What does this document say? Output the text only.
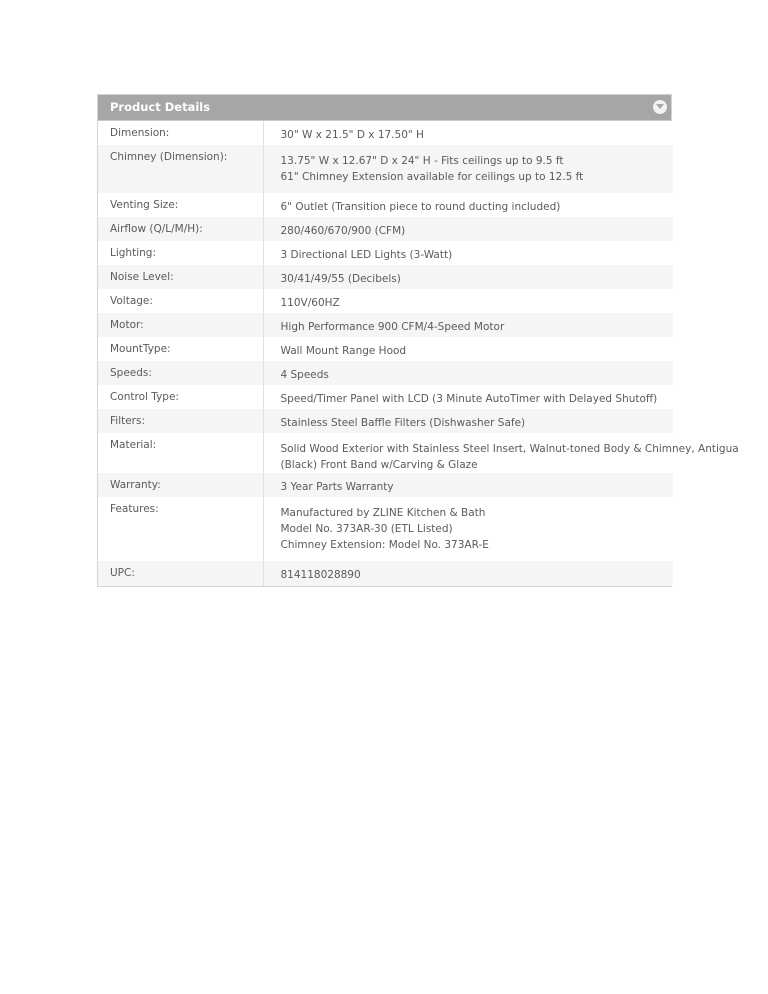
Product Details
Dimension:	30" W x 21.5" D x 17.50" H

Chimney (Dimension):	13.75" W x 12.67" D x 24" H - Fits ceilings up to 9.5 ft
61" Chimney Extension available for ceilings up to 12.5 ft

Venting Size:	6" Outlet (Transition piece to round ducting included)

Airflow (Q/L/M/H):	280/460/670/900 (CFM)

Lighting:	3 Directional LED Lights (3-Watt)

Noise Level:	30/41/49/55 (Decibels)

Voltage:	110V/60HZ

Motor:	High Performance 900 CFM/4-Speed Motor

MountType:	Wall Mount Range Hood

Speeds:	4 Speeds

Control Type:	Speed/Timer Panel with LCD (3 Minute AutoTimer with Delayed Shutoff)

Filters:	Stainless Steel Baffle Filters (Dishwasher Safe)

Material:	Solid Wood Exterior with Stainless Steel Insert, Walnut-toned Body & Chimney, Antigua
(Black) Front Band w/Carving & Glaze

Warranty:	3 Year Parts Warranty

Features:	Manufactured by ZLINE Kitchen & Bath
Model No. 373AR-30 (ETL Listed)
Chimney Extension: Model No. 373AR-E

UPC:	814118028890
